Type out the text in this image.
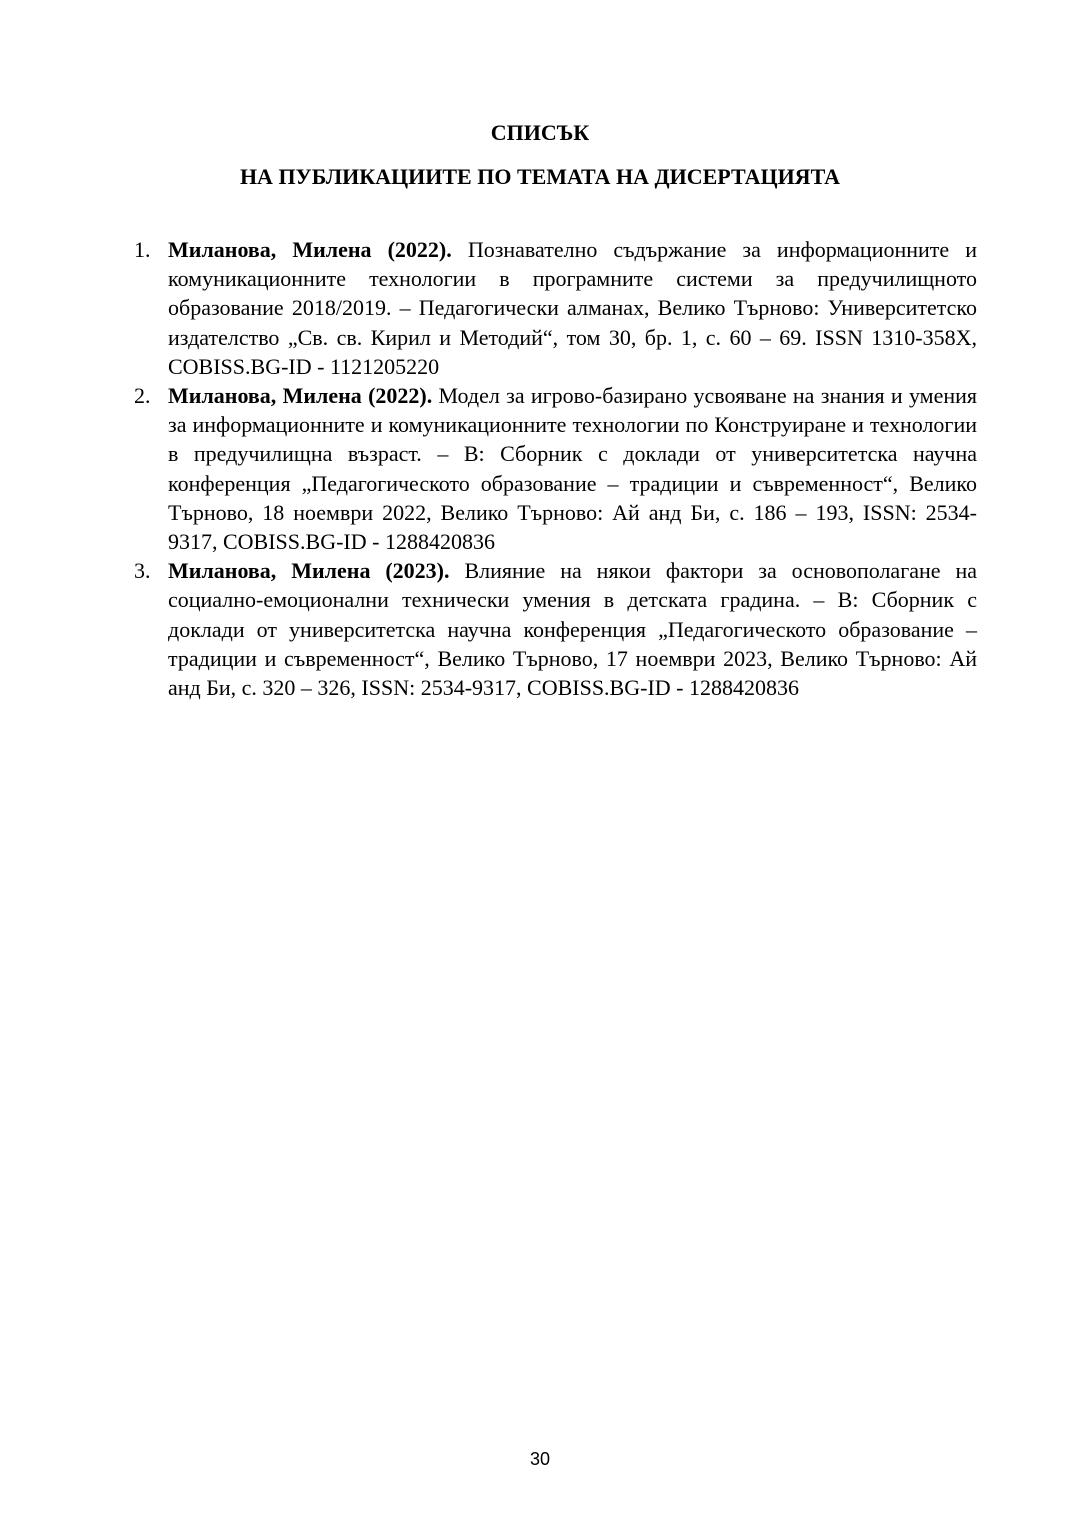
СПИСЪК
НА ПУБЛИКАЦИИТЕ ПО ТЕМАТА НА ДИСЕРТАЦИЯТА
1. Миланова, Милена (2022). Познавателно съдържание за информационните и комуникационните технологии в програмните системи за предучилищното образование 2018/2019. – Педагогически алманах, Велико Търново: Университетско издателство „Св. св. Кирил и Методий“, том 30, бр. 1, с. 60 – 69. ISSN 1310-358X, COBISS.BG-ID - 1121205220
2. Миланова, Милена (2022). Модел за игрово-базирано усвояване на знания и умения за информационните и комуникационните технологии по Конструиране и технологии в предучилищна възраст. – В: Сборник с доклади от университетска научна конференция „Педагогическото образование – традиции и съвременност“, Велико Търново, 18 ноември 2022, Велико Търново: Ай анд Би, с. 186 – 193, ISSN: 2534-9317, COBISS.BG-ID - 1288420836
3. Миланова, Милена (2023). Влияние на някои фактори за основополагане на социално-емоционални технически умения в детската градина. – В: Сборник с доклади от университетска научна конференция „Педагогическото образование – традиции и съвременност“, Велико Търново, 17 ноември 2023, Велико Търново: Ай анд Би, с. 320 – 326, ISSN: 2534-9317, COBISS.BG-ID - 1288420836
30
